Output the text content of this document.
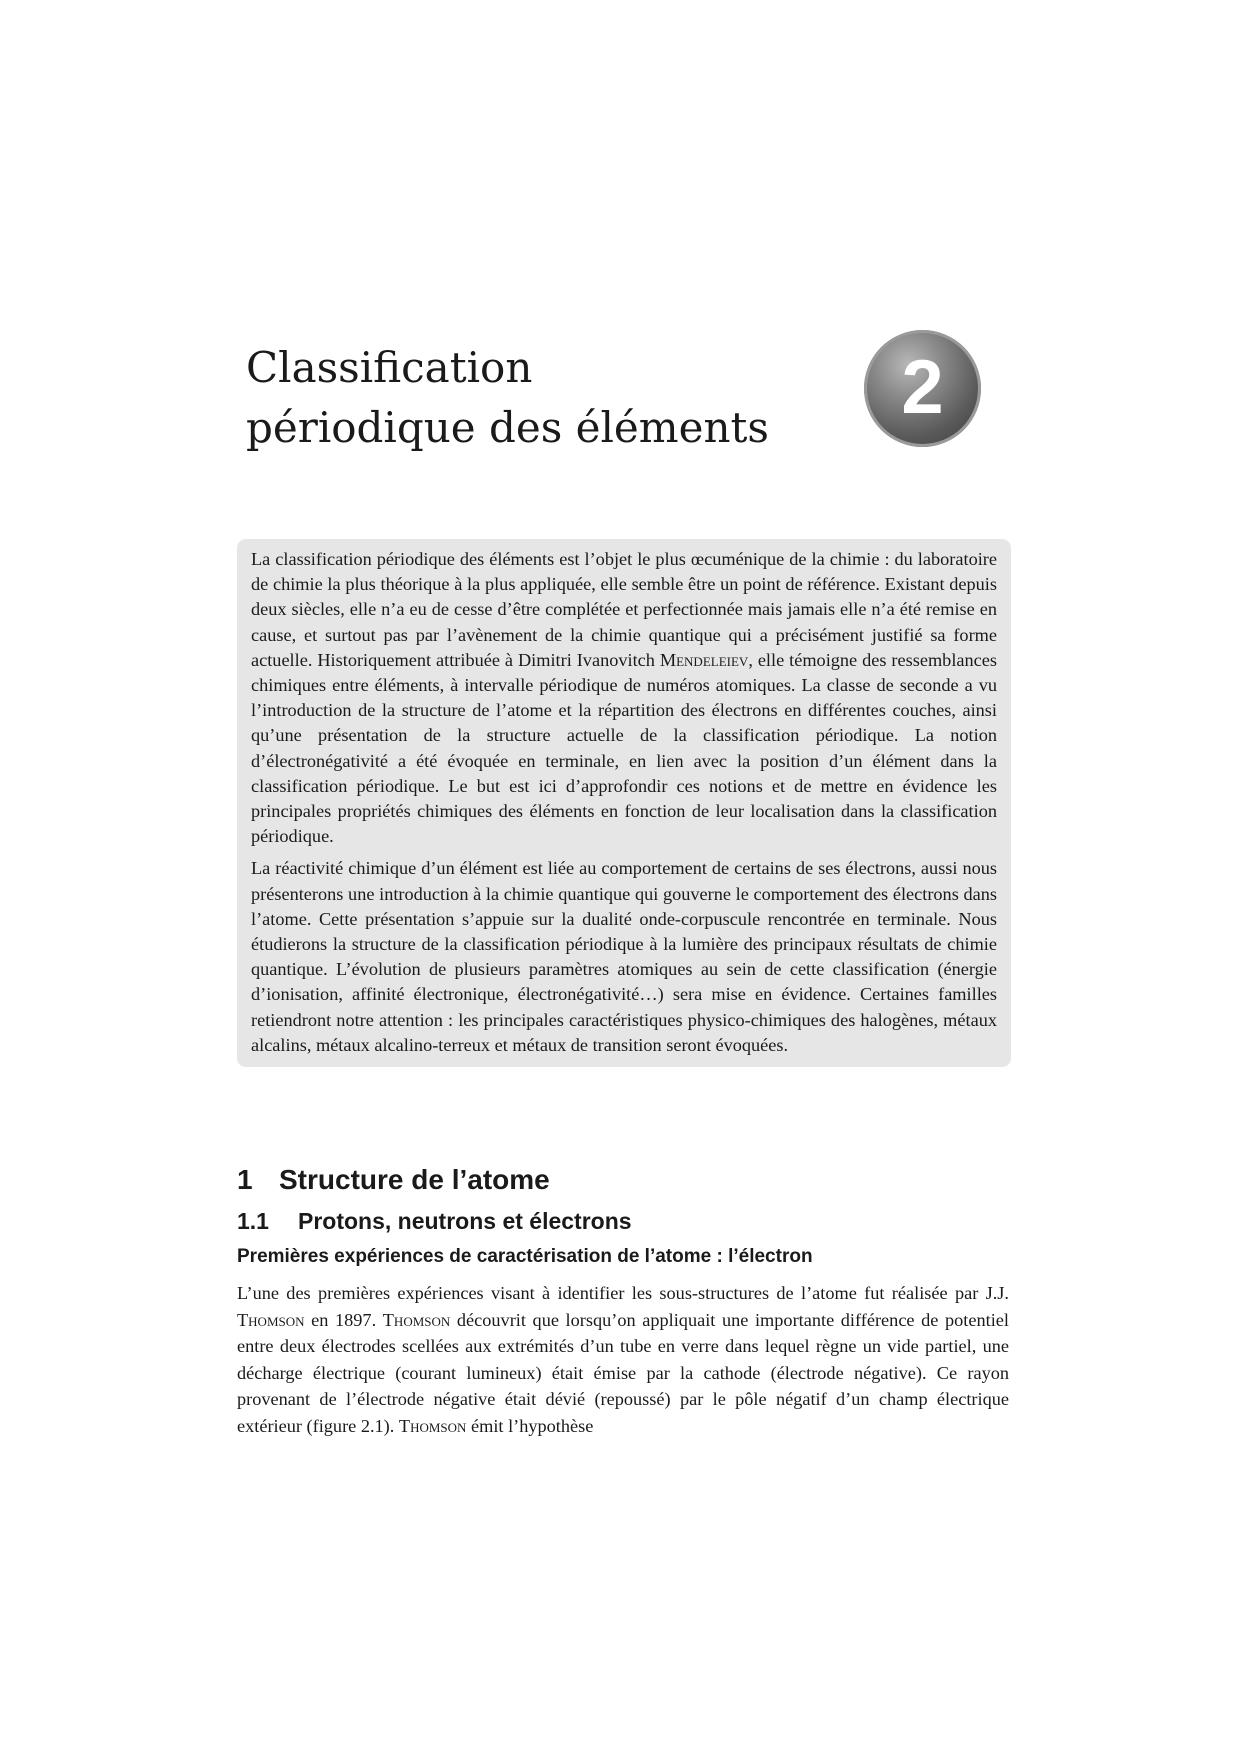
Classification
périodique des éléments 2

La classification périodique des éléments est l’objet le plus œcuménique de la chimie : du laboratoire de chimie la plus théorique à la plus appliquée, elle semble être un point de référence. Existant depuis deux siècles, elle n’a eu de cesse d’être complétée et perfectionnée mais jamais elle n’a été remise en cause, et surtout pas par l’avènement de la chimie quantique qui a précisément justifié sa forme actuelle. Historiquement attribuée à Dimitri Ivanovitch Mendeleiev, elle témoigne des ressemblances chimiques entre éléments, à intervalle périodique de numéros atomiques. La classe de seconde a vu l’introduction de la structure de l’atome et la répartition des électrons en différentes couches, ainsi qu’une présentation de la structure actuelle de la classification périodique. La notion d’électronégativité a été évoquée en terminale, en lien avec la position d’un élément dans la classification périodique. Le but est ici d’approfondir ces notions et de mettre en évidence les principales propriétés chimiques des éléments en fonction de leur localisation dans la classification périodique.

La réactivité chimique d’un élément est liée au comportement de certains de ses électrons, aussi nous présenterons une introduction à la chimie quantique qui gouverne le comportement des électrons dans l’atome. Cette présentation s’appuie sur la dualité onde-corpuscule rencontrée en terminale. Nous étudierons la structure de la classification périodique à la lumière des principaux résultats de chimie quantique. L’évolution de plusieurs paramètres atomiques au sein de cette classification (énergie d’ionisation, affinité électronique, électronégativité…) sera mise en évidence. Certaines familles retiendront notre attention : les principales caractéristiques physico-chimiques des halogènes, métaux alcalins, métaux alcalino-terreux et métaux de transition seront évoquées.

1 Structure de l’atome
1.1 Protons, neutrons et électrons
Premières expériences de caractérisation de l’atome : l’électron

L’une des premières expériences visant à identifier les sous-structures de l’atome fut réalisée par J.J. Thomson en 1897. Thomson découvrit que lorsqu’on appliquait une importante différence de potentiel entre deux électrodes scellées aux extrémités d’un tube en verre dans lequel règne un vide partiel, une décharge électrique (courant lumineux) était émise par la cathode (électrode négative). Ce rayon provenant de l’électrode négative était dévié (repoussé) par le pôle négatif d’un champ électrique extérieur (figure 2.1). Thomson émit l’hypothèse
